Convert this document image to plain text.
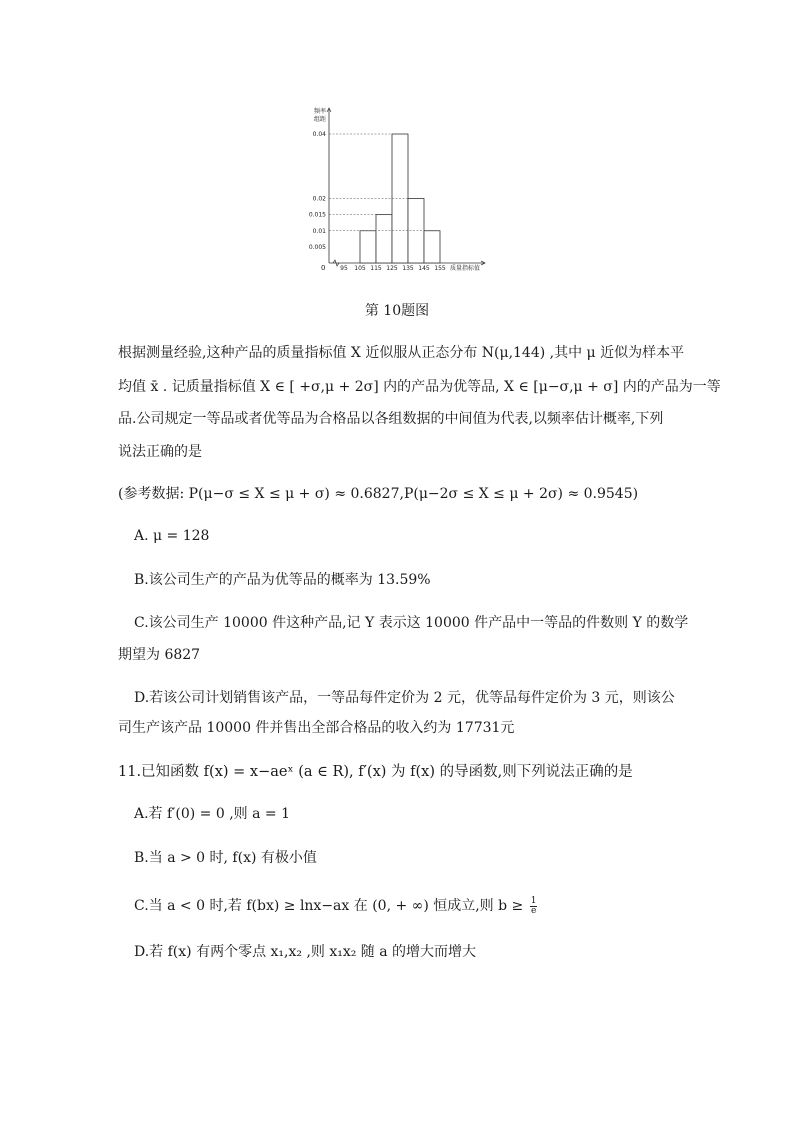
0.04
0.02
0.015
0.01
0.005
95 105 115 125 135 145 155
频率
组距
质量指标值
0
第 10题图
根据测量经验,这种产品的质量指标值 X 近似服从正态分布 N(μ,144) ,其中 μ 近似为样本平
均值 x̄ . 记质量指标值 X ∈ [ +σ,μ + 2σ] 内的产品为优等品, X ∈ [μ−σ,μ + σ] 内的产品为一等
品.公司规定一等品或者优等品为合格品以各组数据的中间值为代表,以频率估计概率,下列
说法正确的是
(参考数据: P(μ−σ ≤ X ≤ μ + σ) ≈ 0.6827,P(μ−2σ ≤ X ≤ μ + 2σ) ≈ 0.9545)
A. μ = 128
B.该公司生产的产品为优等品的概率为 13.59%
C.该公司生产 10000 件这种产品,记 Y 表示这 10000 件产品中一等品的件数则 Y 的数学
期望为 6827
D.若该公司计划销售该产品，一等品每件定价为 2 元，优等品每件定价为 3 元，则该公
司生产该产品 10000 件并售出全部合格品的收入约为 17731元
11.已知函数 f(x) = x−aeˣ (a ∈ R), f′(x) 为 f(x) 的导函数,则下列说法正确的是
A.若 f′(0) = 0 ,则 a = 1
B.当 a > 0 时, f(x) 有极小值
C.当 a < 0 时,若 f(bx) ≥ lnx−ax 在 (0, + ∞) 恒成立,则 $b \ge \frac{1}{e}$
D.若 f(x) 有两个零点 x₁,x₂ ,则 x₁x₂ 随 a 的增大而增大
